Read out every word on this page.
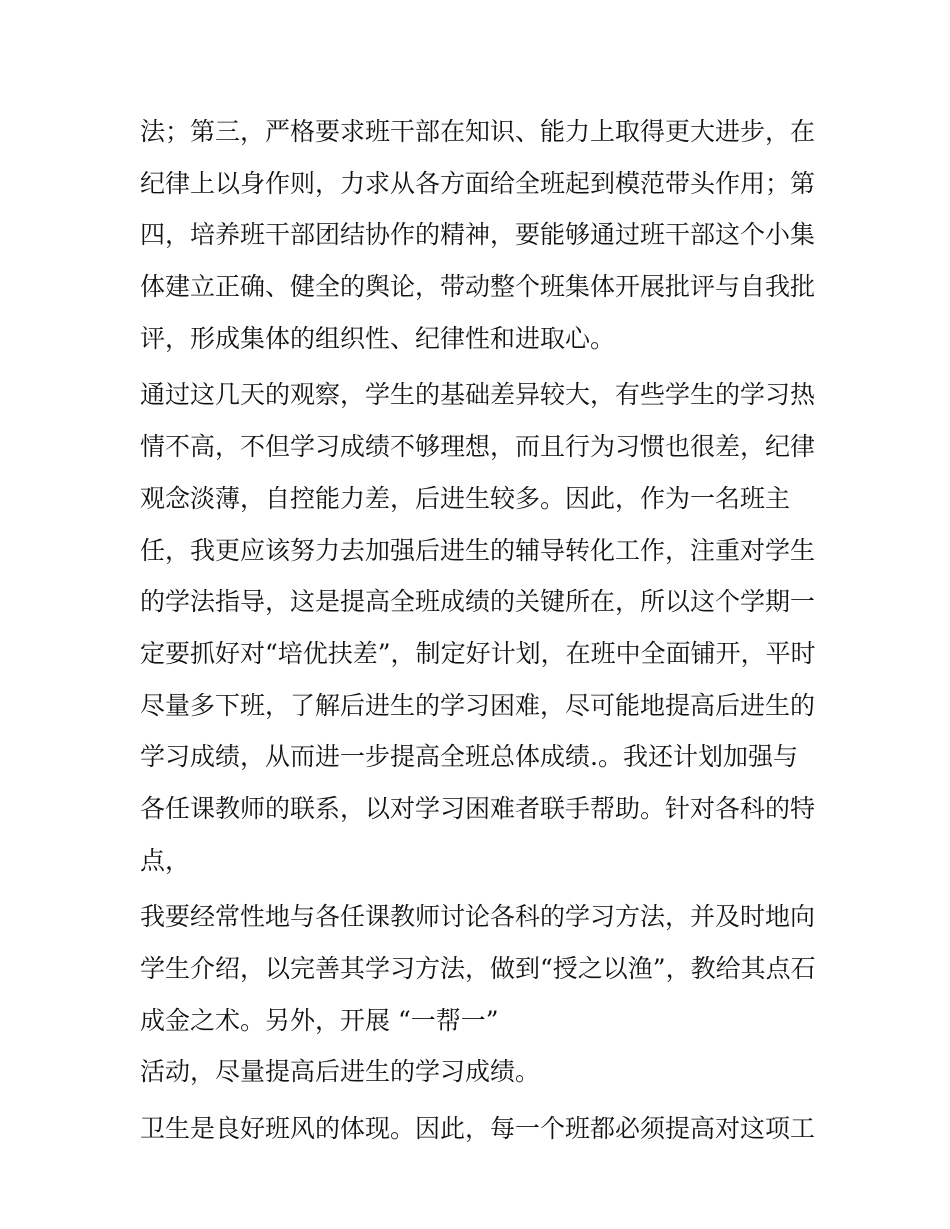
法；第三，严格要求班干部在知识、能力上取得更大进步，在
纪律上以身作则，力求从各方面给全班起到模范带头作用；第
四，培养班干部团结协作的精神，要能够通过班干部这个小集
体建立正确、健全的舆论，带动整个班集体开展批评与自我批
评，形成集体的组织性、纪律性和进取心。
通过这几天的观察，学生的基础差异较大，有些学生的学习热
情不高，不但学习成绩不够理想，而且行为习惯也很差，纪律
观念淡薄，自控能力差，后进生较多。因此，作为一名班主
任，我更应该努力去加强后进生的辅导转化工作，注重对学生
的学法指导，这是提高全班成绩的关键所在，所以这个学期一
定要抓好对“培优扶差”，制定好计划，在班中全面铺开，平时
尽量多下班，了解后进生的学习困难，尽可能地提高后进生的
学习成绩，从而进一步提高全班总体成绩.。我还计划加强与
各任课教师的联系，以对学习困难者联手帮助。针对各科的特
点，
我要经常性地与各任课教师讨论各科的学习方法，并及时地向
学生介绍，以完善其学习方法，做到“授之以渔”，教给其点石
成金之术。另外，开展 “一帮一”
活动，尽量提高后进生的学习成绩。
卫生是良好班风的体现。因此，每一个班都必须提高对这项工
